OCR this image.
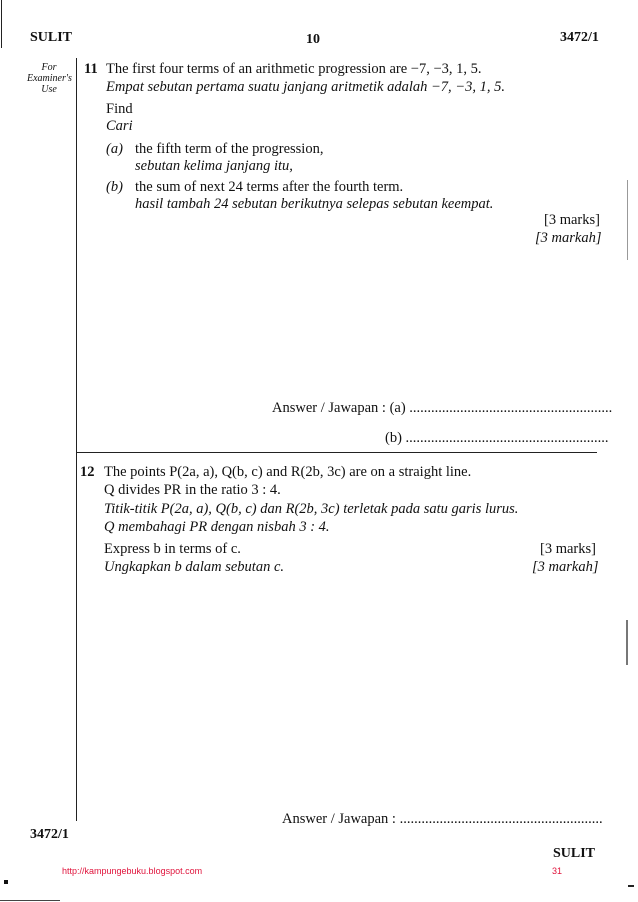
SULIT	10	3472/1
For
Examiner's
Use
11 The first four terms of an arithmetic progression are −7, −3, 1, 5.
Empat sebutan pertama suatu janjang aritmetik adalah −7, −3, 1, 5.
Find
Cari
(a) the fifth term of the progression,
sebutan kelima janjang itu,
(b) the sum of next 24 terms after the fourth term.
hasil tambah 24 sebutan berikutnya selepas sebutan keempat.
[3 marks]
[3 markah]
Answer / Jawapan : (a) ........................................................
(b) ........................................................
12 The points P(2a, a), Q(b, c) and R(2b, 3c) are on a straight line.
Q divides PR in the ratio 3 : 4.
Titik-titik P(2a, a), Q(b, c) dan R(2b, 3c) terletak pada satu garis lurus.
Q membahagi PR dengan nisbah 3 : 4.
Express b in terms of c.
Ungkapkan b dalam sebutan c.
[3 marks]
[3 markah]
Answer / Jawapan : ........................................................
3472/1
SULIT
http://kampungebuku.blogspot.com	31
